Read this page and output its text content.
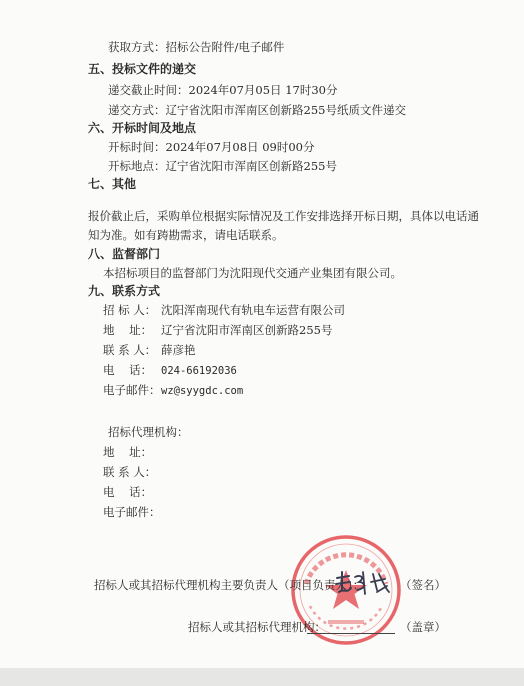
获取方式：招标公告附件/电子邮件
五、投标文件的递交
递交截止时间：2024年07月05日 17时30分
递交方式：辽宁省沈阳市浑南区创新路255号纸质文件递交
六、开标时间及地点
开标时间：2024年07月08日 09时00分
开标地点：辽宁省沈阳市浑南区创新路255号
七、其他
报价截止后，采购单位根据实际情况及工作安排选择开标日期，具体以电话通
知为准。如有踌勘需求，请电话联系。
八、监督部门
本招标项目的监督部门为沈阳现代交通产业集团有限公司。
九、联系方式
招 标 人： 沈阳浑南现代有轨电车运营有限公司
地    址： 辽宁省沈阳市浑南区创新路255号
联 系 人： 薛彦艳
电    话： 024-66192036
电子邮件：wz@syygdc.com
招标代理机构：
地    址：
联 系 人：
电    话：
电子邮件：
招标人或其招标代理机构主要负责人（项目负责人）：	（签名）
招标人或其招标代理机构：	（盖章）
